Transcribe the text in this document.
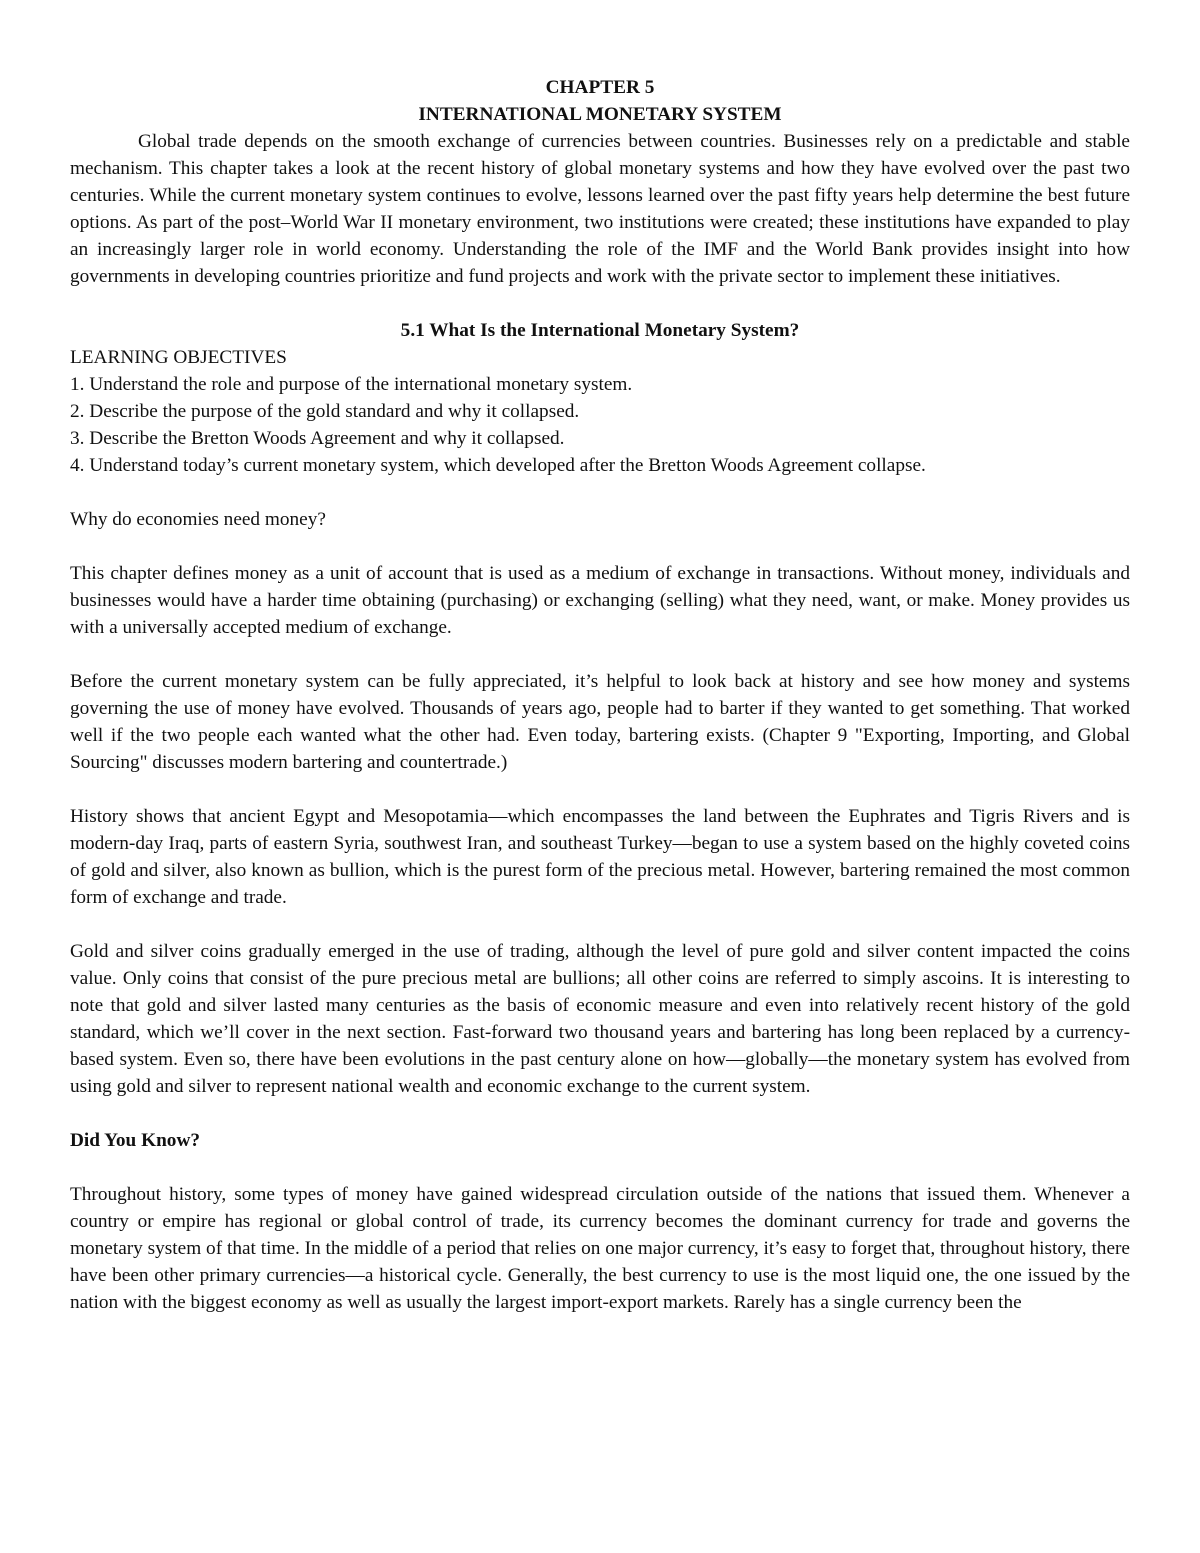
CHAPTER 5

INTERNATIONAL MONETARY SYSTEM

Global trade depends on the smooth exchange of currencies between countries. Businesses rely on a predictable and stable mechanism. This chapter takes a look at the recent history of global monetary systems and how they have evolved over the past two centuries. While the current monetary system continues to evolve, lessons learned over the past fifty years help determine the best future options. As part of the post–World War II monetary environment, two institutions were created; these institutions have expanded to play an increasingly larger role in world economy. Understanding the role of the IMF and the World Bank provides insight into how governments in developing countries prioritize and fund projects and work with the private sector to implement these initiatives.

5.1 What Is the International Monetary System?

LEARNING OBJECTIVES

1. Understand the role and purpose of the international monetary system.
2. Describe the purpose of the gold standard and why it collapsed.
3. Describe the Bretton Woods Agreement and why it collapsed.
4. Understand today’s current monetary system, which developed after the Bretton Woods Agreement collapse.

Why do economies need money?

This chapter defines money as a unit of account that is used as a medium of exchange in transactions. Without money, individuals and businesses would have a harder time obtaining (purchasing) or exchanging (selling) what they need, want, or make. Money provides us with a universally accepted medium of exchange.

Before the current monetary system can be fully appreciated, it’s helpful to look back at history and see how money and systems governing the use of money have evolved. Thousands of years ago, people had to barter if they wanted to get something. That worked well if the two people each wanted what the other had. Even today, bartering exists. (Chapter 9 "Exporting, Importing, and Global Sourcing" discusses modern bartering and countertrade.)

History shows that ancient Egypt and Mesopotamia—which encompasses the land between the Euphrates and Tigris Rivers and is modern-day Iraq, parts of eastern Syria, southwest Iran, and southeast Turkey—began to use a system based on the highly coveted coins of gold and silver, also known as bullion, which is the purest form of the precious metal. However, bartering remained the most common form of exchange and trade.

Gold and silver coins gradually emerged in the use of trading, although the level of pure gold and silver content impacted the coins value. Only coins that consist of the pure precious metal are bullions; all other coins are referred to simply ascoins. It is interesting to note that gold and silver lasted many centuries as the basis of economic measure and even into relatively recent history of the gold standard, which we’ll cover in the next section. Fast-forward two thousand years and bartering has long been replaced by a currency-based system. Even so, there have been evolutions in the past century alone on how—globally—the monetary system has evolved from using gold and silver to represent national wealth and economic exchange to the current system.

Did You Know?

Throughout history, some types of money have gained widespread circulation outside of the nations that issued them. Whenever a country or empire has regional or global control of trade, its currency becomes the dominant currency for trade and governs the monetary system of that time. In the middle of a period that relies on one major currency, it’s easy to forget that, throughout history, there have been other primary currencies—a historical cycle. Generally, the best currency to use is the most liquid one, the one issued by the nation with the biggest economy as well as usually the largest import-export markets. Rarely has a single currency been the
